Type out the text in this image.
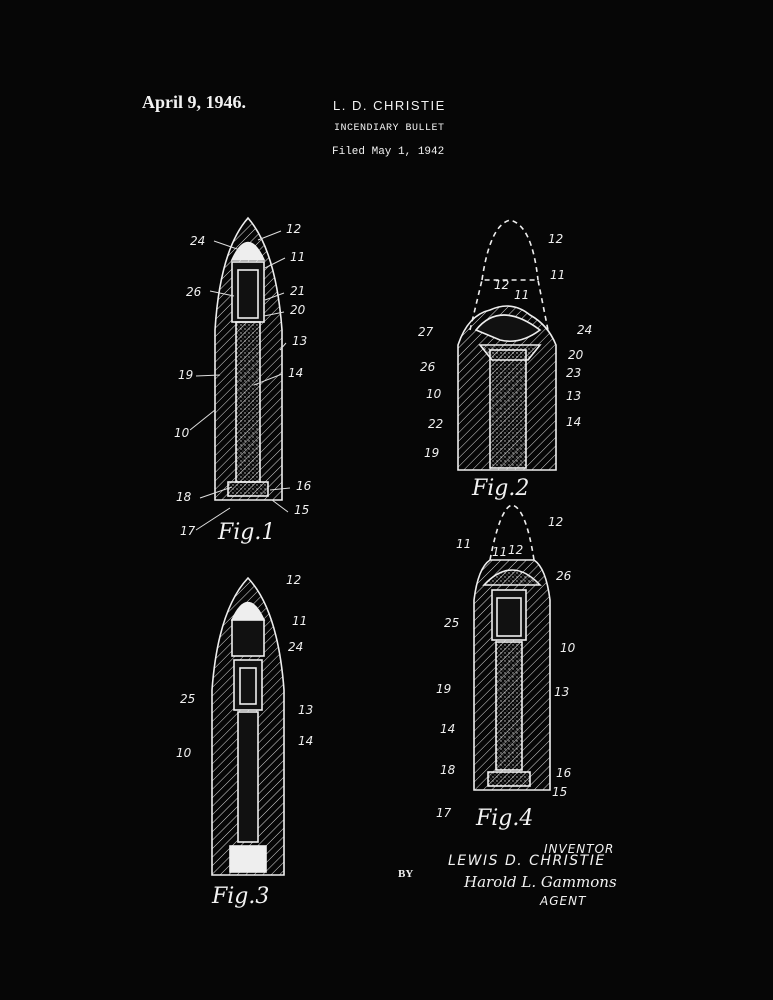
April 9, 1946.	L. D. CHRISTIE
INCENDIARY BULLET
Filed May 1, 1942
24
12
11
26	21
20
13
19	14
10
18
16
17
15
Fig.1
12
11
12
11
27	24
20
26	23
10	13
22	14
19
Fig.2
12
11
24
25
13
10
14
Fig.3
12
11
11 12
26
25
10
19	13
14
18	16
17
15
Fig.4
INVENTOR
LEWIS D. CHRISTIE
BY	Harold L. Gammons
AGENT
